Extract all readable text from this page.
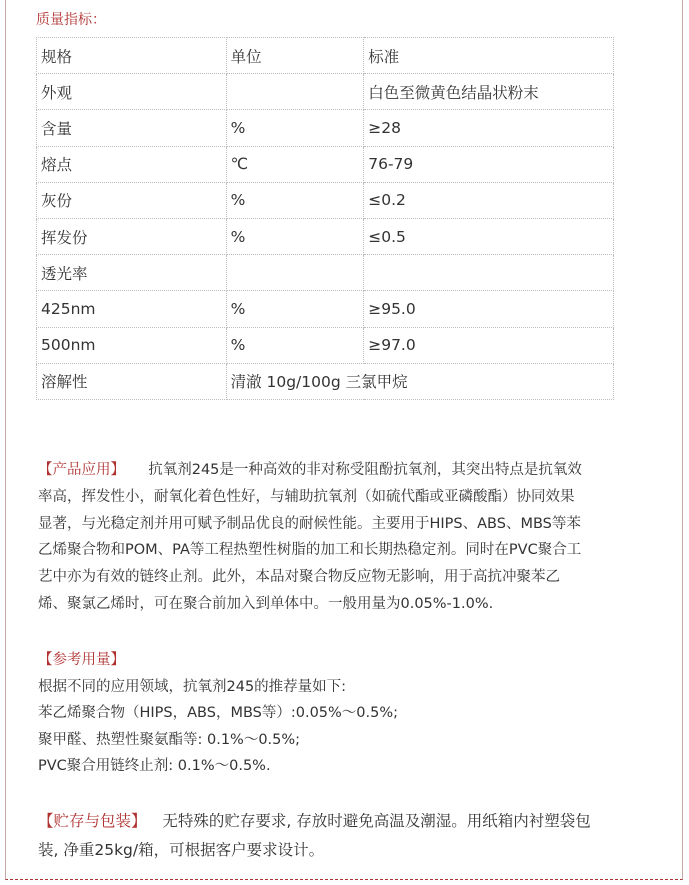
质量指标：
规格	单位	标准
外观		白色至微黄色结晶状粉末
含量	%	≥28
熔点	℃	76-79
灰份	%	≤0.2
挥发份	%	≤0.5
透光率		
425nm	%	≥95.0
500nm	%	≥97.0
溶解性	清澈 10g/100g 三氯甲烷	
【产品应用】 抗氧剂245是一种高效的非对称受阻酚抗氧剂，其突出特点是抗氧效
率高，挥发性小，耐氧化着色性好，与辅助抗氧剂（如硫代酯或亚磷酸酯）协同效果
显著，与光稳定剂并用可赋予制品优良的耐候性能。主要用于HIPS、ABS、MBS等苯
乙烯聚合物和POM、PA等工程热塑性树脂的加工和长期热稳定剂。同时在PVC聚合工
艺中亦为有效的链终止剂。此外，本品对聚合物反应物无影响，用于高抗冲聚苯乙
烯、聚氯乙烯时，可在聚合前加入到单体中。一般用量为0.05%-1.0%.
【参考用量】
根据不同的应用领域，抗氧剂245的推荐量如下:
苯乙烯聚合物（HIPS，ABS，MBS等）:0.05%～0.5%;
聚甲醛、热塑性聚氨酯等: 0.1%～0.5%;
PVC聚合用链终止剂: 0.1%～0.5%.
【贮存与包装】 无特殊的贮存要求, 存放时避免高温及潮湿。用纸箱内衬塑袋包
装, 净重25kg/箱，可根据客户要求设计。
